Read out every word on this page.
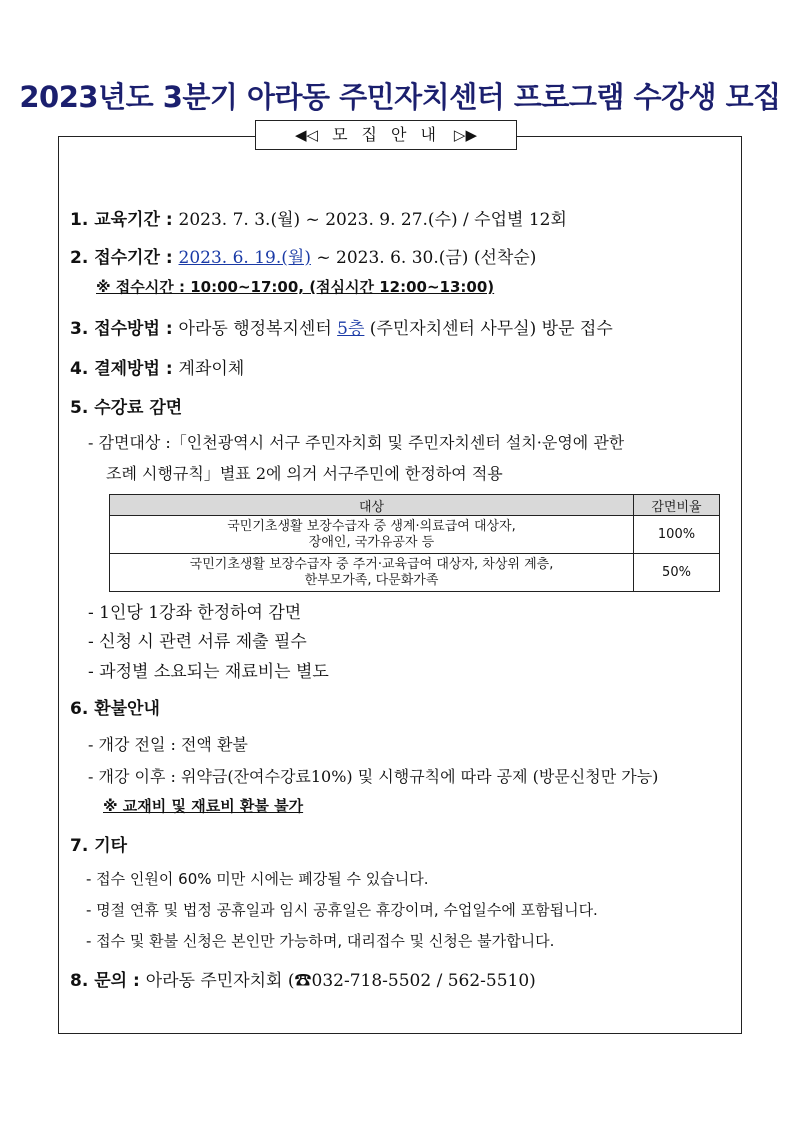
2023년도 3분기 아라동 주민자치센터 프로그램 수강생 모집
◀◁ 모집안내 ▷▶
1. 교육기간 : 2023. 7. 3.(월) ~ 2023. 9. 27.(수) / 수업별 12회
2. 접수기간 : 2023. 6. 19.(월) ~ 2023. 6. 30.(금) (선착순)
※ 접수시간 : 10:00~17:00, (점심시간 12:00~13:00)
3. 접수방법 : 아라동 행정복지센터 5층 (주민자치센터 사무실) 방문 접수
4. 결제방법 : 계좌이체
5. 수강료 감면
- 감면대상 :「인천광역시 서구 주민자치회 및 주민자치센터 설치·운영에 관한
조례 시행규칙」별표 2에 의거 서구주민에 한정하여 적용
대상	감면비율

국민기초생활 보장수급자 중 생계·의료급여 대상자,
장애인, 국가유공자 등	100%

국민기초생활 보장수급자 중 주거·교육급여 대상자, 차상위 계층,
한부모가족, 다문화가족	50%
- 1인당 1강좌 한정하여 감면
- 신청 시 관련 서류 제출 필수
- 과정별 소요되는 재료비는 별도
6. 환불안내
- 개강 전일 : 전액 환불
- 개강 이후 : 위약금(잔여수강료10%) 및 시행규칙에 따라 공제 (방문신청만 가능)
※ 교재비 및 재료비 환불 불가
7. 기타
- 접수 인원이 60% 미만 시에는 폐강될 수 있습니다.
- 명절 연휴 및 법정 공휴일과 임시 공휴일은 휴강이며, 수업일수에 포함됩니다.
- 접수 및 환불 신청은 본인만 가능하며, 대리접수 및 신청은 불가합니다.
8. 문의 : 아라동 주민자치회 (☎032-718-5502 / 562-5510)
